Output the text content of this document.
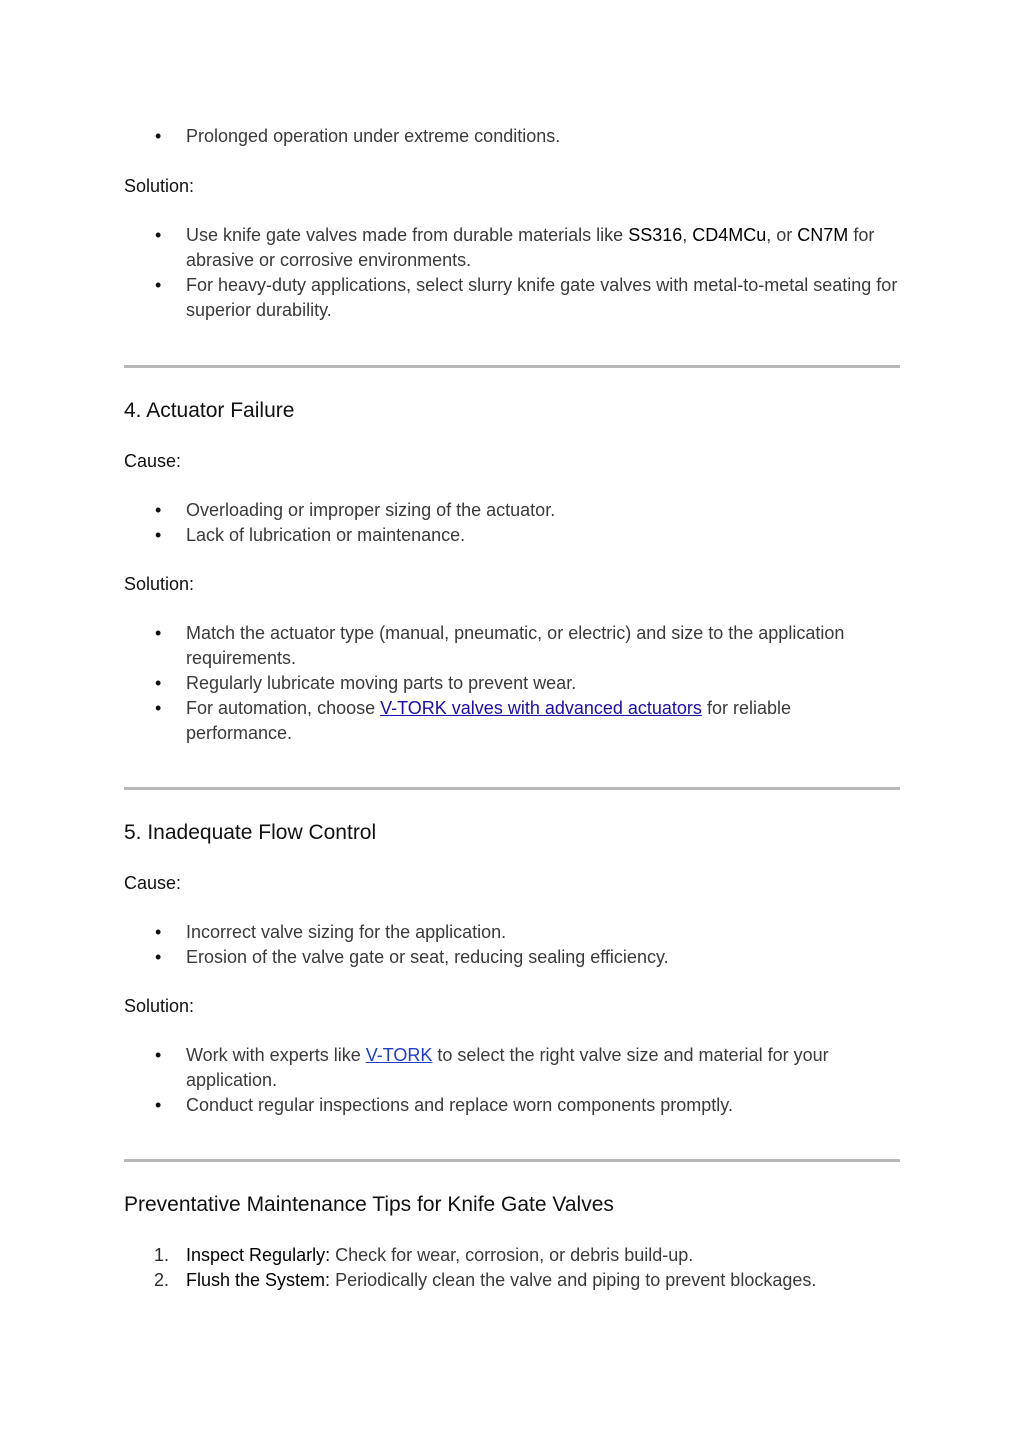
•	Prolonged operation under extreme conditions.

Solution:

•	Use knife gate valves made from durable materials like SS316, CD4MCu, or CN7M for abrasive or corrosive environments.
•	For heavy-duty applications, select slurry knife gate valves with metal-to-metal seating for superior durability.
4. Actuator Failure

Cause:

•	Overloading or improper sizing of the actuator.
•	Lack of lubrication or maintenance.

Solution:

•	Match the actuator type (manual, pneumatic, or electric) and size to the application requirements.
•	Regularly lubricate moving parts to prevent wear.
•	For automation, choose V-TORK valves with advanced actuators for reliable performance.
5. Inadequate Flow Control

Cause:

•	Incorrect valve sizing for the application.
•	Erosion of the valve gate or seat, reducing sealing efficiency.

Solution:

•	Work with experts like V-TORK to select the right valve size and material for your application.
•	Conduct regular inspections and replace worn components promptly.
Preventative Maintenance Tips for Knife Gate Valves
1. Inspect Regularly: Check for wear, corrosion, or debris build-up.
2. Flush the System: Periodically clean the valve and piping to prevent blockages.
